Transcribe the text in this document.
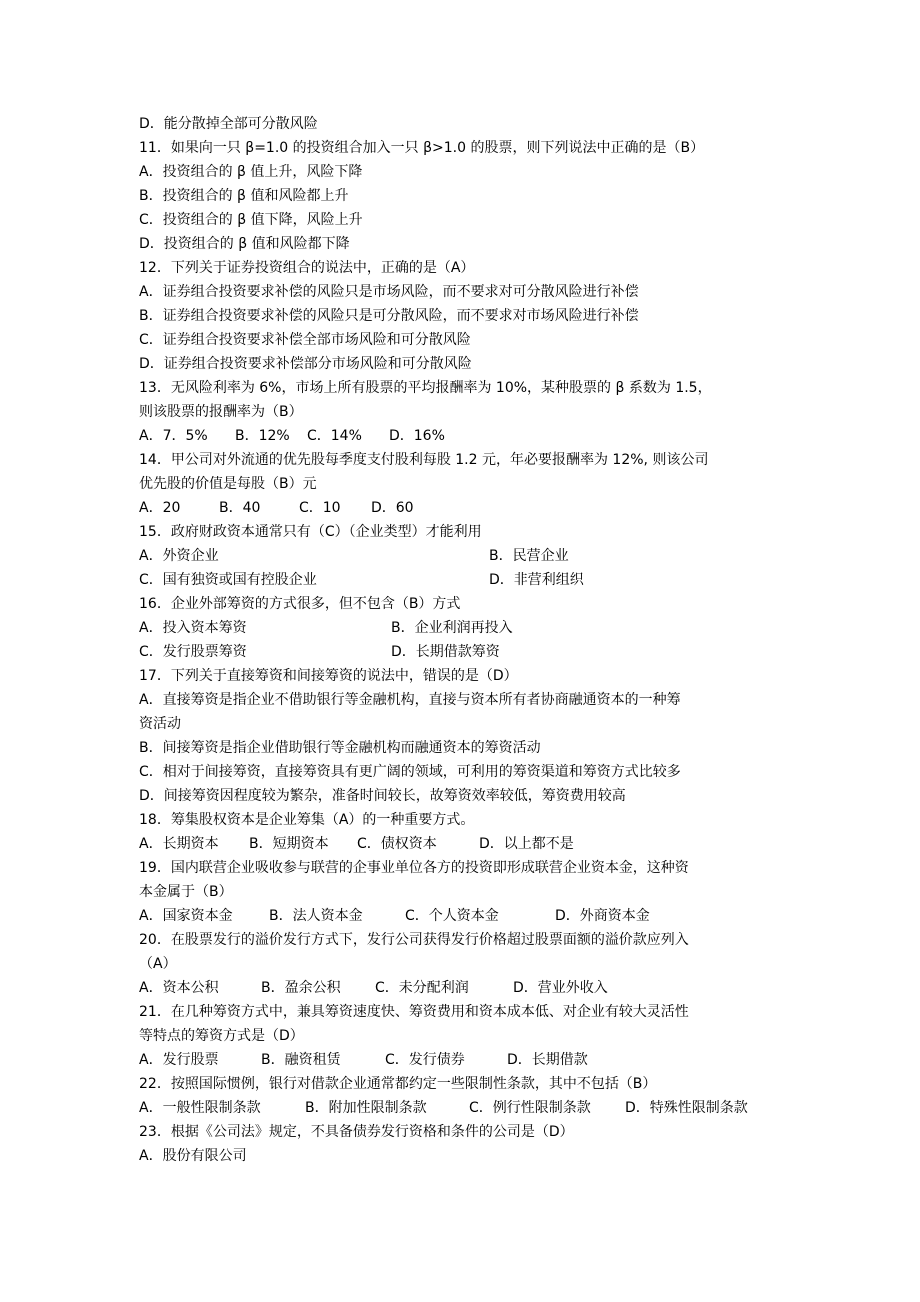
D．能分散掉全部可分散风险
11．如果向一只 β=1.0 的投资组合加入一只 β>1.0 的股票，则下列说法中正确的是（B）
A．投资组合的 β 值上升，风险下降
B．投资组合的 β 值和风险都上升
C．投资组合的 β 值下降，风险上升
D．投资组合的 β 值和风险都下降
12．下列关于证券投资组合的说法中，正确的是（A）
A．证券组合投资要求补偿的风险只是市场风险，而不要求对可分散风险进行补偿
B．证券组合投资要求补偿的风险只是可分散风险，而不要求对市场风险进行补偿
C．证券组合投资要求补偿全部市场风险和可分散风险
D．证券组合投资要求补偿部分市场风险和可分散风险
13．无风险利率为 6%，市场上所有股票的平均报酬率为 10%，某种股票的 β 系数为 1.5，
则该股票的报酬率为（B）
A．7．5%	B．12%	C．14%	D．16%
14．甲公司对外流通的优先股每季度支付股利每股 1.2 元，年必要报酬率为 12%, 则该公司
优先股的价值是每股（B）元
A．20	B．40	C．10	D．60
15．政府财政资本通常只有（C）（企业类型）才能利用
A．外资企业	B．民营企业
C．国有独资或国有控股企业	D．非营利组织
16．企业外部筹资的方式很多，但不包含（B）方式
A．投入资本筹资	B．企业利润再投入
C．发行股票筹资	D．长期借款筹资
17．下列关于直接筹资和间接筹资的说法中，错误的是（D）
A．直接筹资是指企业不借助银行等金融机构，直接与资本所有者协商融通资本的一种筹
资活动
B．间接筹资是指企业借助银行等金融机构而融通资本的筹资活动
C．相对于间接筹资，直接筹资具有更广阔的领域，可利用的筹资渠道和筹资方式比较多
D．间接筹资因程度较为繁杂，准备时间较长，故筹资效率较低，筹资费用较高
18．筹集股权资本是企业筹集（A）的一种重要方式。
A．长期资本	B．短期资本	C．债权资本	D．以上都不是
19．国内联营企业吸收参与联营的企事业单位各方的投资即形成联营企业资本金，这种资
本金属于（B）
A．国家资本金	B．法人资本金	C．个人资本金	D．外商资本金
20．在股票发行的溢价发行方式下，发行公司获得发行价格超过股票面额的溢价款应列入
（A）
A．资本公积	B．盈余公积	C．未分配利润	D．营业外收入
21．在几种筹资方式中，兼具筹资速度快、筹资费用和资本成本低、对企业有较大灵活性
等特点的筹资方式是（D）
A．发行股票	B．融资租赁	C．发行债券	D．长期借款
22．按照国际惯例，银行对借款企业通常都约定一些限制性条款，其中不包括（B）
A．一般性限制条款	B．附加性限制条款	C．例行性限制条款	D．特殊性限制条款
23．根据《公司法》规定，不具备债券发行资格和条件的公司是（D）
A．股份有限公司
